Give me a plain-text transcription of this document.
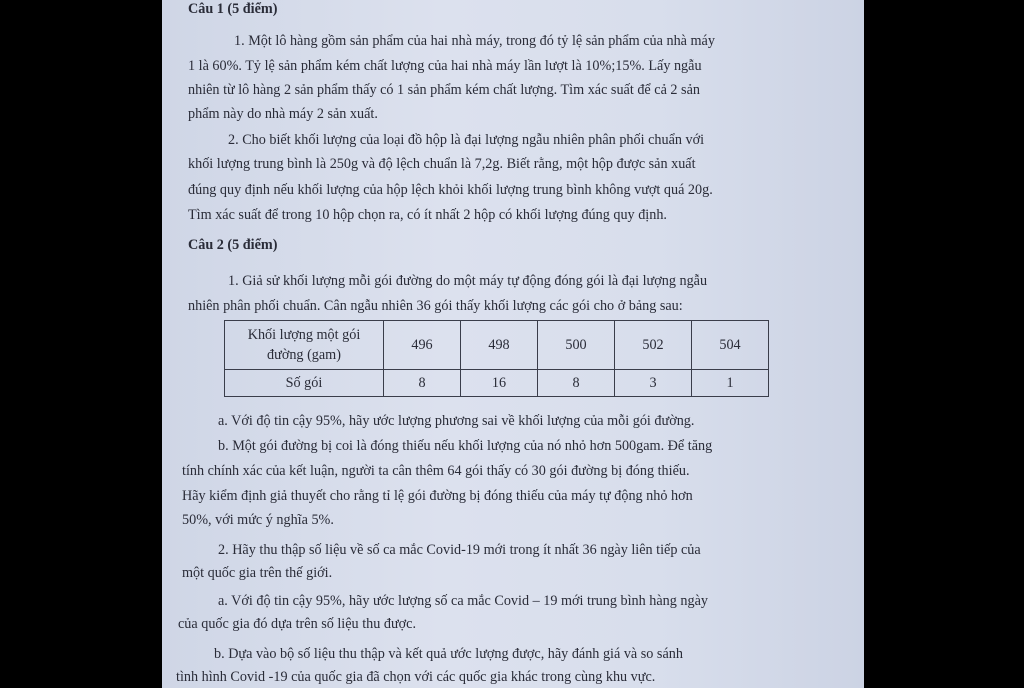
Câu 1 (5 điểm)
1. Một lô hàng gồm sản phẩm của hai nhà máy, trong đó tỷ lệ sản phẩm của nhà máy
1 là 60%. Tỷ lệ sản phẩm kém chất lượng của hai nhà máy lần lượt là 10%;15%. Lấy ngẫu
nhiên từ lô hàng 2 sản phẩm thấy có 1 sản phẩm kém chất lượng. Tìm xác suất để cả 2 sản
phẩm này do nhà máy 2 sản xuất.
2. Cho biết khối lượng của loại đồ hộp là đại lượng ngẫu nhiên phân phối chuẩn với
khối lượng trung bình là 250g và độ lệch chuẩn là 7,2g. Biết rằng, một hộp được sản xuất
đúng quy định nếu khối lượng của hộp lệch khỏi khối lượng trung bình không vượt quá 20g.
Tìm xác suất để trong 10 hộp chọn ra, có ít nhất 2 hộp có khối lượng đúng quy định.
Câu 2 (5 điểm)
1. Giả sử khối lượng mỗi gói đường do một máy tự động đóng gói là đại lượng ngẫu
nhiên phân phối chuẩn. Cân ngẫu nhiên 36 gói thấy khối lượng các gói cho ở bảng sau:
Khối lượng một gói
đường (gam)	496	498	500	502	504
Số gói	8	16	8	3	1
a. Với độ tin cậy 95%, hãy ước lượng phương sai về khối lượng của mỗi gói đường.
b. Một gói đường bị coi là đóng thiếu nếu khối lượng của nó nhỏ hơn 500gam. Để tăng
tính chính xác của kết luận, người ta cân thêm 64 gói thấy có 30 gói đường bị đóng thiếu.
Hãy kiểm định giả thuyết cho rằng tỉ lệ gói đường bị đóng thiếu của máy tự động nhỏ hơn
50%, với mức ý nghĩa 5%.
2. Hãy thu thập số liệu về số ca mắc Covid-19 mới trong ít nhất 36 ngày liên tiếp của
một quốc gia trên thế giới.
a. Với độ tin cậy 95%, hãy ước lượng số ca mắc Covid – 19 mới trung bình hàng ngày
của quốc gia đó dựa trên số liệu thu được.
b. Dựa vào bộ số liệu thu thập và kết quả ước lượng được, hãy đánh giá và so sánh
tình hình Covid -19 của quốc gia đã chọn với các quốc gia khác trong cùng khu vực.
